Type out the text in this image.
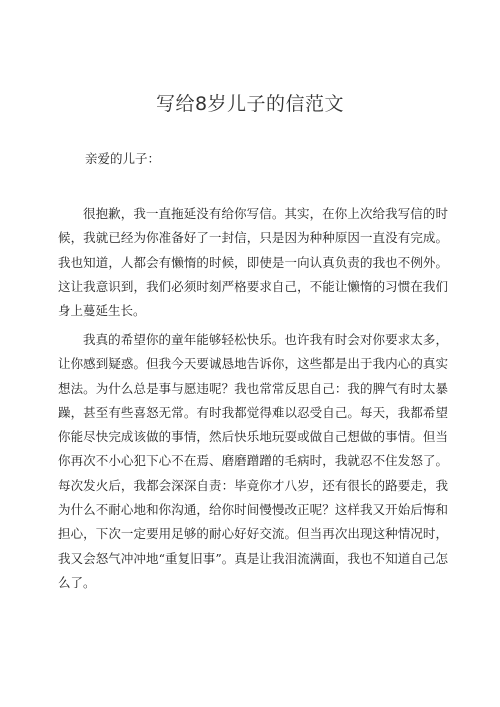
写给8岁儿子的信范文

亲爱的儿子：

很抱歉，我一直拖延没有给你写信。其实，在你上次给我写信的时候，我就已经为你准备好了一封信，只是因为种种原因一直没有完成。我也知道，人都会有懒惰的时候，即使是一向认真负责的我也不例外。这让我意识到，我们必须时刻严格要求自己，不能让懒惰的习惯在我们身上蔓延生长。

我真的希望你的童年能够轻松快乐。也许我有时会对你要求太多，让你感到疑惑。但我今天要诚恳地告诉你，这些都是出于我内心的真实想法。为什么总是事与愿违呢？我也常常反思自己：我的脾气有时太暴躁，甚至有些喜怒无常。有时我都觉得难以忍受自己。每天，我都希望你能尽快完成该做的事情，然后快乐地玩耍或做自己想做的事情。但当你再次不小心犯下心不在焉、磨磨蹭蹭的毛病时，我就忍不住发怒了。每次发火后，我都会深深自责：毕竟你才八岁，还有很长的路要走，我为什么不耐心地和你沟通，给你时间慢慢改正呢？这样我又开始后悔和担心，下次一定要用足够的耐心好好交流。但当再次出现这种情况时，我又会怒气冲冲地“重复旧事”。真是让我泪流满面，我也不知道自己怎么了。
